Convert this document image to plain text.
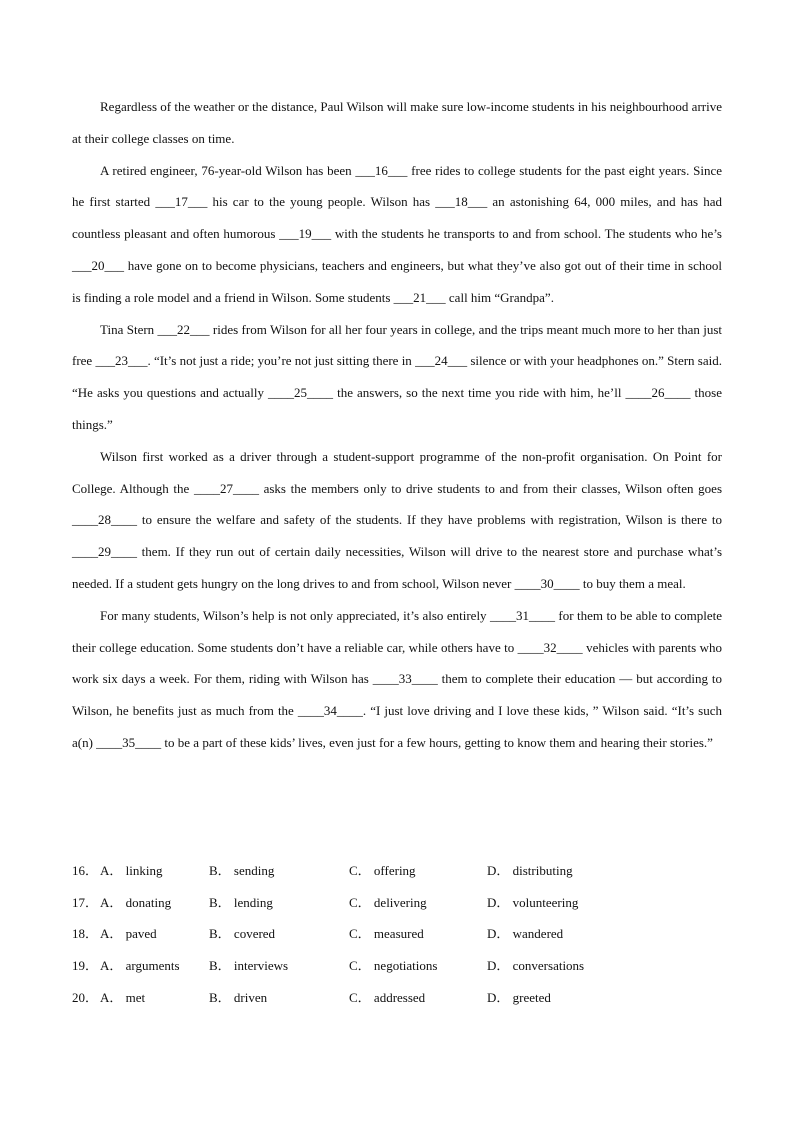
Regardless of the weather or the distance, Paul Wilson will make sure low-income students in his neighbourhood arrive at their college classes on time.

A retired engineer, 76-year-old Wilson has been ___16___ free rides to college students for the past eight years. Since he first started ___17___ his car to the young people. Wilson has ___18___ an astonishing 64, 000 miles, and has had countless pleasant and often humorous ___19___ with the students he transports to and from school. The students who he’s ___20___ have gone on to become physicians, teachers and engineers, but what they’ve also got out of their time in school is finding a role model and a friend in Wilson. Some students ___21___ call him “Grandpa”.

Tina Stern ___22___ rides from Wilson for all her four years in college, and the trips meant much more to her than just free ___23___. “It’s not just a ride; you’re not just sitting there in ___24___ silence or with your headphones on.” Stern said. “He asks you questions and actually ____25____ the answers, so the next time you ride with him, he’ll ____26____ those things.”

Wilson first worked as a driver through a student-support programme of the non-profit organisation. On Point for College. Although the ____27____ asks the members only to drive students to and from their classes, Wilson often goes ____28____ to ensure the welfare and safety of the students. If they have problems with registration, Wilson is there to ____29____ them. If they run out of certain daily necessities, Wilson will drive to the nearest store and purchase what’s needed. If a student gets hungry on the long drives to and from school, Wilson never ____30____ to buy them a meal.

For many students, Wilson’s help is not only appreciated, it’s also entirely ____31____ for them to be able to complete their college education. Some students don’t have a reliable car, while others have to ____32____ vehicles with parents who work six days a week. For them, riding with Wilson has ____33____ them to complete their education — but according to Wilson, he benefits just as much from the ____34____. “I just love driving and I love these kids, ” Wilson said. “It’s such a(n) ____35____ to be a part of these kids’ lives, even just for a few hours, getting to know them and hearing their stories.”

16． A． linking	B． sending	C． offering	D． distributing
17． A． donating	B． lending	C． delivering	D． volunteering
18． A． paved	B． covered	C． measured	D． wandered
19． A． arguments B． interviews	C． negotiations	D． conversations
20． A． met	B． driven	C． addressed	D． greeted
